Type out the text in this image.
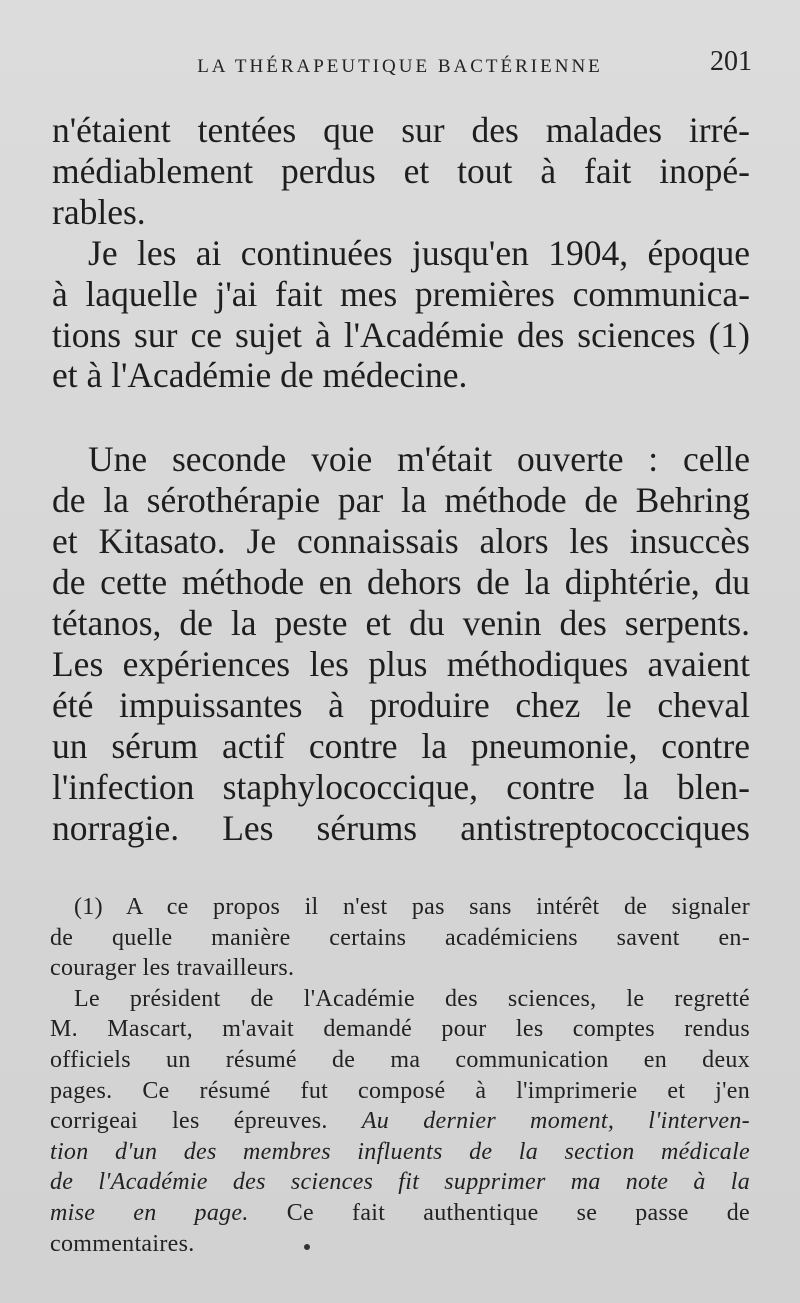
LA THÉRAPEUTIQUE BACTÉRIENNE	201
n'étaient tentées que sur des malades irré-
médiablement perdus et tout à fait inopé-
rables.
Je les ai continuées jusqu'en 1904, époque
à laquelle j'ai fait mes premières communica-
tions sur ce sujet à l'Académie des sciences (1)
et à l'Académie de médecine.
Une seconde voie m'était ouverte : celle
de la sérothérapie par la méthode de Behring
et Kitasato. Je connaissais alors les insuccès
de cette méthode en dehors de la diphtérie, du
tétanos, de la peste et du venin des serpents.
Les expériences les plus méthodiques avaient
été impuissantes à produire chez le cheval
un sérum actif contre la pneumonie, contre
l'infection staphylococcique, contre la blen-
norragie. Les sérums antistreptococciques
(1) A ce propos il n'est pas sans intérêt de signaler
de quelle manière certains académiciens savent en-
courager les travailleurs.
Le président de l'Académie des sciences, le regretté
M. Mascart, m'avait demandé pour les comptes rendus
officiels un résumé de ma communication en deux
pages. Ce résumé fut composé à l'imprimerie et j'en
corrigeai les épreuves. Au dernier moment, l'interven-
tion d'un des membres influents de la section médicale
de l'Académie des sciences fit supprimer ma note à la
mise en page. Ce fait authentique se passe de
commentaires.
